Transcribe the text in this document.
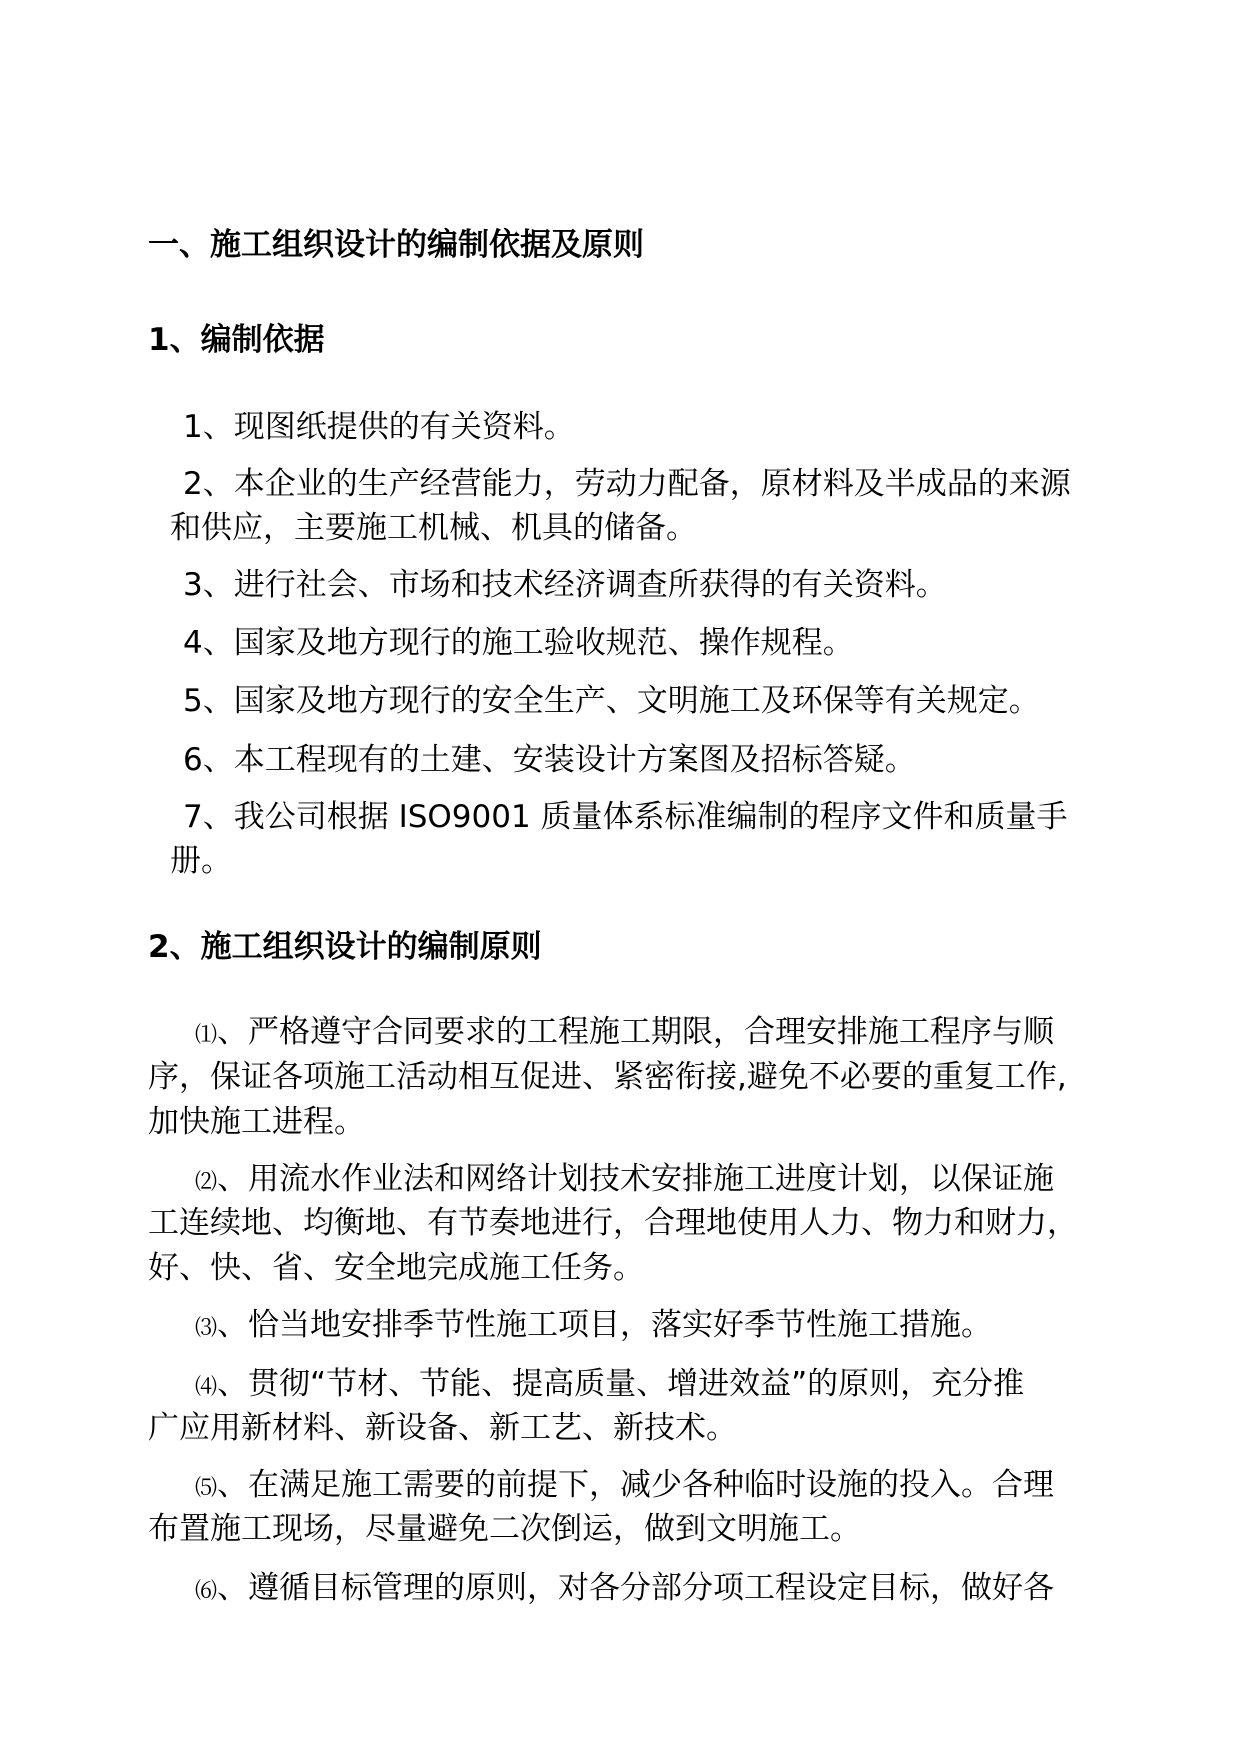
一、施工组织设计的编制依据及原则
1、编制依据
1、现图纸提供的有关资料。
2、本企业的生产经营能力，劳动力配备，原材料及半成品的来源
和供应，主要施工机械、机具的储备。
3、进行社会、市场和技术经济调查所获得的有关资料。
4、国家及地方现行的施工验收规范、操作规程。
5、国家及地方现行的安全生产、文明施工及环保等有关规定。
6、本工程现有的土建、安装设计方案图及招标答疑。
7、我公司根据 ISO9001 质量体系标准编制的程序文件和质量手
册。
2、施工组织设计的编制原则
⑴、严格遵守合同要求的工程施工期限，合理安排施工程序与顺
序，保证各项施工活动相互促进、紧密衔接,避免不必要的重复工作,
加快施工进程。
⑵、用流水作业法和网络计划技术安排施工进度计划，以保证施
工连续地、均衡地、有节奏地进行，合理地使用人力、物力和财力，
好、快、省、安全地完成施工任务。
⑶、恰当地安排季节性施工项目，落实好季节性施工措施。
⑷、贯彻“节材、节能、提高质量、增进效益”的原则，充分推
广应用新材料、新设备、新工艺、新技术。
⑸、在满足施工需要的前提下，减少各种临时设施的投入。合理
布置施工现场，尽量避免二次倒运，做到文明施工。
⑹、遵循目标管理的原则，对各分部分项工程设定目标，做好各
